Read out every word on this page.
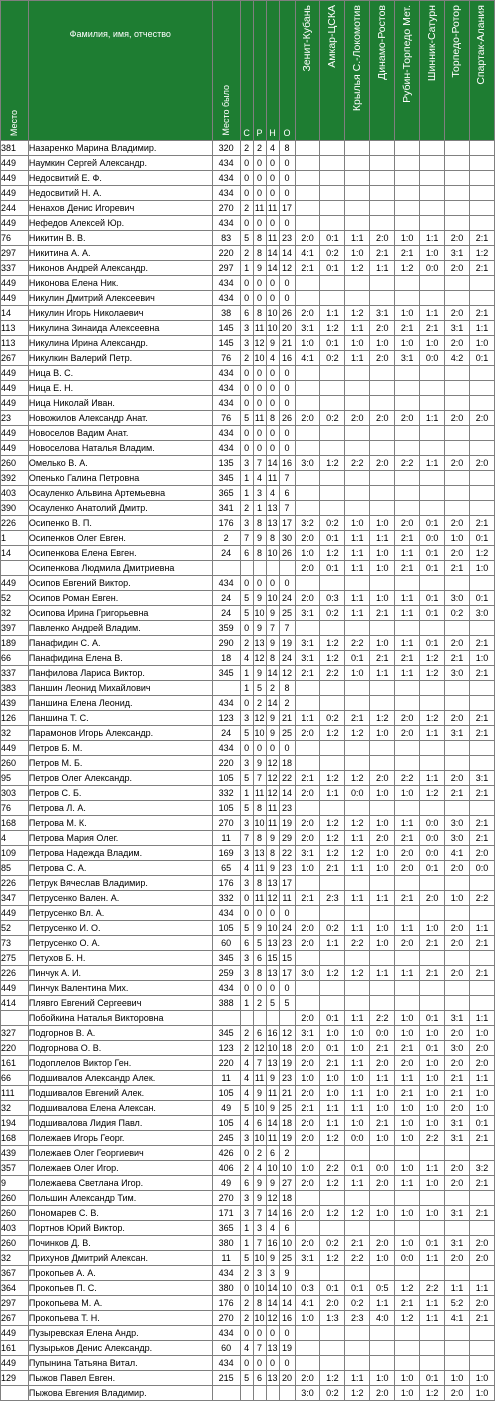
Место	Фамилия, имя, отчество	Место было	С	Р	Н	О	Зенит-Кубань	Амкар-ЦСКА	Крылья С.-Локомотив	Динамо-Ростов	Рубин-Торпедо Мет.	Шинник-Сатурн	Торпедо-Ротор	Спартак-Алания

381	Назаренко Марина Владимир.	320	2	2	4	8								
449	Наумкин Сергей Александр.	434	0	0	0	0								
449	Недосвитий Е. Ф.	434	0	0	0	0								
449	Недосвитий Н. А.	434	0	0	0	0								
244	Ненахов Денис Игоревич	270	2	11	11	17								
449	Нефедов Алексей Юр.	434	0	0	0	0								
76	Никитин В. В.	83	5	8	11	23	2:0	0:1	1:1	2:0	1:0	1:1	2:0	2:1
297	Никитина А. А.	220	2	8	14	14	4:1	0:2	1:0	2:1	2:1	1:0	3:1	1:2
337	Никонов Андрей Александр.	297	1	9	14	12	2:1	0:1	1:2	1:1	1:2	0:0	2:0	2:1
449	Никонова Елена Ник.	434	0	0	0	0								
449	Никулин Дмитрий Алексеевич	434	0	0	0	0								
14	Никулин Игорь Николаевич	38	6	8	10	26	2:0	1:1	1:2	3:1	1:0	1:1	2:0	2:1
113	Никулина Зинаида Алексеевна	145	3	11	10	20	3:1	1:2	1:1	2:0	2:1	2:1	3:1	1:1
113	Никулина Ирина Александр.	145	3	12	9	21	1:0	0:1	1:0	1:0	1:0	1:0	2:0	1:0
267	Никулкин Валерий Петр.	76	2	10	4	16	4:1	0:2	1:1	2:0	3:1	0:0	4:2	0:1
449	Ница В. С.	434	0	0	0	0								
449	Ница Е. Н.	434	0	0	0	0								
449	Ница Николай Иван.	434	0	0	0	0								
23	Новожилов Александр Анат.	76	5	11	8	26	2:0	0:2	2:0	2:0	2:0	1:1	2:0	2:0
449	Новоселов Вадим Анат.	434	0	0	0	0								
449	Новоселова Наталья Владим.	434	0	0	0	0								
260	Омелько В. А.	135	3	7	14	16	3:0	1:2	2:2	2:0	2:2	1:1	2:0	2:0
392	Опенько Галина Петровна	345	1	4	11	7								
403	Осауленко Альвина Артемьевна	365	1	3	4	6								
390	Осауленко Анатолий Дмитр.	341	2	1	13	7								
226	Осипенко В. П.	176	3	8	13	17	3:2	0:2	1:0	1:0	2:0	0:1	2:0	2:1
1	Осипенков Олег Евген.	2	7	9	8	30	2:0	0:1	1:1	1:1	2:1	0:0	1:0	0:1
14	Осипенкова Елена Евген.	24	6	8	10	26	1:0	1:2	1:1	1:0	1:1	0:1	2:0	1:2
	Осипенкова Людмила Дмитриевна						2:0	0:1	1:1	1:0	2:1	0:1	2:1	1:0
449	Осипов Евгений Виктор.	434	0	0	0	0								
52	Осипов Роман Евген.	24	5	9	10	24	2:0	0:3	1:1	1:0	1:1	0:1	3:0	0:1
32	Осипова Ирина Григорьевна	24	5	10	9	25	3:1	0:2	1:1	2:1	1:1	0:1	0:2	3:0
397	Павленко Андрей Владим.	359	0	9	7	7								
189	Панафидин С. А.	290	2	13	9	19	3:1	1:2	2:2	1:0	1:1	0:1	2:0	2:1
66	Панафидина Елена В.	18	4	12	8	24	3:1	1:2	0:1	2:1	2:1	1:2	2:1	1:0
337	Панфилова Лариса Виктор.	345	1	9	14	12	2:1	2:2	1:0	1:1	1:1	1:2	3:0	2:1
383	Паншин Леонид Михайлович		1	5	2	8								
439	Паншина Елена Леонид.	434	0	2	14	2								
126	Паншина Т. С.	123	3	12	9	21	1:1	0:2	2:1	1:2	2:0	1:2	2:0	2:1
32	Парамонов Игорь Александр.	24	5	10	9	25	2:0	1:2	1:2	1:0	2:0	1:1	3:1	2:1
449	Петров Б. М.	434	0	0	0	0								
260	Петров М. Б.	220	3	9	12	18								
95	Петров Олег Александр.	105	5	7	12	22	2:1	1:2	1:2	2:0	2:2	1:1	2:0	3:1
303	Петров С. Б.	332	1	11	12	14	2:0	1:1	0:0	1:0	1:0	1:2	2:1	2:1
76	Петрова Л. А.	105	5	8	11	23								
168	Петрова М. К.	270	3	10	11	19	2:0	1:2	1:2	1:0	1:1	0:0	3:0	2:1
4	Петрова Мария Олег.	11	7	8	9	29	2:0	1:2	1:1	2:0	2:1	0:0	3:0	2:1
109	Петрова Надежда Владим.	169	3	13	8	22	3:1	1:2	1:2	1:0	2:0	0:0	4:1	2:0
85	Петрова С. А.	65	4	11	9	23	1:0	2:1	1:1	1:0	2:0	0:1	2:0	0:0
226	Петрук Вячеслав Владимир.	176	3	8	13	17								
347	Петрусенко Вален. А.	332	0	11	12	11	2:1	2:3	1:1	1:1	2:1	2:0	1:0	2:2
449	Петрусенко Вл. А.	434	0	0	0	0								
52	Петрусенко И. О.	105	5	9	10	24	2:0	0:2	1:1	1:0	1:1	1:0	2:0	1:1
73	Петрусенко О. А.	60	6	5	13	23	2:0	1:1	2:2	1:0	2:0	2:1	2:0	2:1
275	Петухов Б. Н.	345	3	6	15	15								
226	Пинчук А. И.	259	3	8	13	17	3:0	1:2	1:2	1:1	1:1	2:1	2:0	2:1
449	Пинчук Валентина Мих.	434	0	0	0	0								
414	Плявго Евгений Сергеевич	388	1	2	5	5								
	Побойкина Наталья Викторовна						2:0	0:1	1:1	2:2	1:0	0:1	3:1	1:1
327	Подгорнов В. А.	345	2	6	16	12	3:1	1:0	1:0	0:0	1:0	1:0	2:0	1:0
220	Подгорнова О. В.	123	2	12	10	18	2:0	0:1	1:0	2:1	2:1	0:1	3:0	2:0
161	Подоплелов Виктор Ген.	220	4	7	13	19	2:0	2:1	1:1	2:0	2:0	1:0	2:0	2:0
66	Подшивалов Александр Алек.	11	4	11	9	23	1:0	1:0	1:0	1:1	1:1	1:0	2:1	1:1
111	Подшивалов Евгений Алек.	105	4	9	11	21	2:0	1:0	1:1	1:0	2:1	1:0	2:1	1:0
32	Подшивалова Елена Алексан.	49	5	10	9	25	2:1	1:1	1:1	1:0	1:0	1:0	2:0	1:0
194	Подшивалова Лидия Павл.	105	4	6	14	18	2:0	1:1	1:0	2:1	1:0	1:0	3:1	0:1
168	Полежаев Игорь Георг.	245	3	10	11	19	2:0	1:2	0:0	1:0	1:0	2:2	3:1	2:1
439	Полежаев Олег Георгиевич	426	0	2	6	2								
357	Полежаев Олег Игор.	406	2	4	10	10	1:0	2:2	0:1	0:0	1:0	1:1	2:0	3:2
9	Полежаева Светлана Игор.	49	6	9	9	27	2:0	1:2	1:1	2:0	1:1	1:0	2:0	2:1
260	Польшин Александр Тим.	270	3	9	12	18								
260	Пономарев С. В.	171	3	7	14	16	2:0	1:2	1:2	1:0	1:0	1:0	3:1	2:1
403	Портнов Юрий Виктор.	365	1	3	4	6								
260	Починков Д. В.	380	1	7	16	10	2:0	0:2	2:1	2:0	1:0	0:1	3:1	2:0
32	Прихунов Дмитрий Алексан.	11	5	10	9	25	3:1	1:2	2:2	1:0	0:0	1:1	2:0	2:0
367	Прокопьев А. А.	434	2	3	3	9								
364	Прокопьев П. С.	380	0	10	14	10	0:3	0:1	0:1	0:5	1:2	2:2	1:1	1:1
297	Прокопьева М. А.	176	2	8	14	14	4:1	2:0	0:2	1:1	2:1	1:1	5:2	2:0
267	Прокопьева Т. Н.	270	2	10	12	16	1:0	1:3	2:3	4:0	1:2	1:1	4:1	2:1
449	Пузыревская Елена Андр.	434	0	0	0	0								
161	Пузырьков Денис Александр.	60	4	7	13	19								
449	Пупынина Татьяна Витал.	434	0	0	0	0								
129	Пыжов Павел Евген.	215	5	6	13	20	2:0	1:2	1:1	1:0	1:0	0:1	1:0	1:0
	Пыжова Евгения Владимир.						3:0	0:2	1:2	2:0	1:0	1:2	2:0	1:0
